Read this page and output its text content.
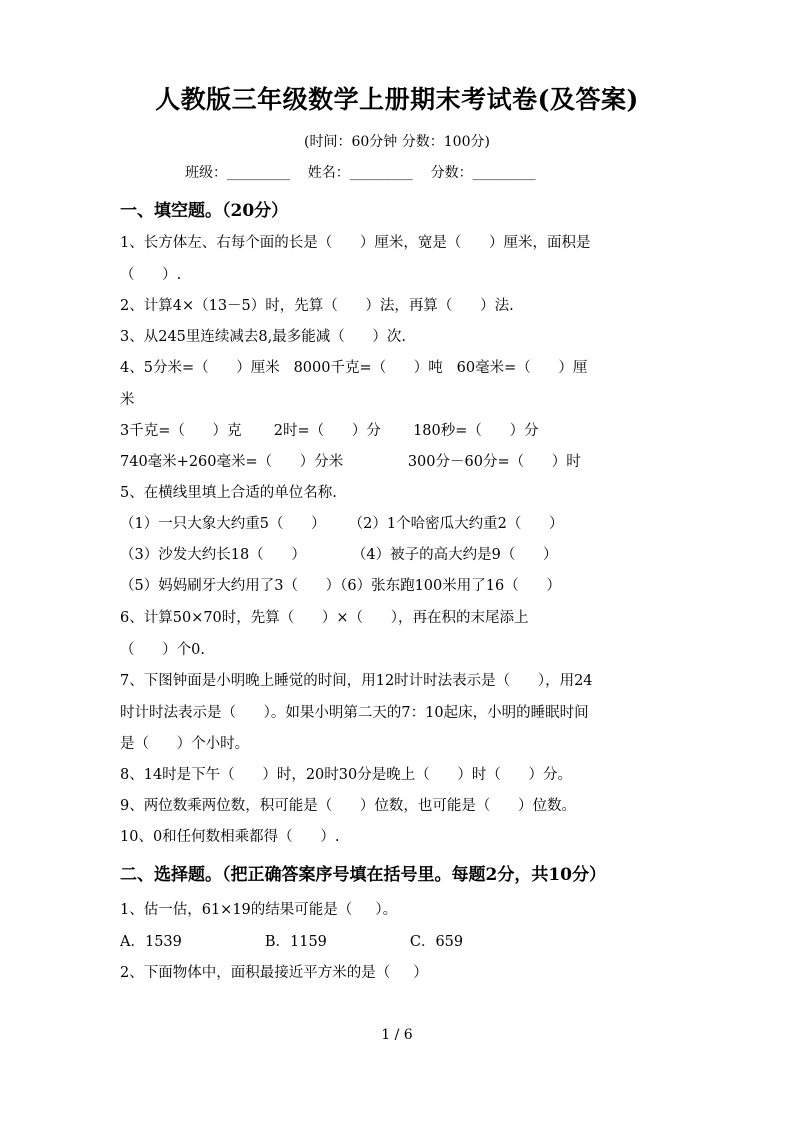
人教版三年级数学上册期末考试卷(及答案)
(时间：60分钟 分数：100分)
班级：_________    姓名：_________    分数：_________
一、填空题。（20分）
1、长方体左、右每个面的长是（      ）厘米，宽是（      ）厘米，面积是
（      ）.
2、计算4×（13－5）时，先算（      ）法，再算（      ）法.
3、从245里连续减去8,最多能减（      ）次.
4、5分米=（      ）厘米   8000千克=（      ）吨   60毫米=（      ）厘
米
3千克=（      ）克       2时=（      ）分       180秒=（      ）分
740毫米+260毫米=（      ）分米              300分－60分=（      ）时
5、在横线里填上合适的单位名称.
（1）一只大象大约重5（      ）     （2）1个哈密瓜大约重2（      ）
（3）沙发大约长18（      ）          （4）被子的高大约是9（      ）
（5）妈妈刷牙大约用了3（      ）（6）张东跑100米用了16（      ）
6、计算50×70时，先算（      ）×（      ），再在积的末尾添上
（      ）个0.
7、下图钟面是小明晚上睡觉的时间，用12时计时法表示是（      ），用24
时计时法表示是（      ）。如果小明第二天的7：10起床，小明的睡眠时间
是（      ）个小时。
8、14时是下午（      ）时，20时30分是晚上（      ）时（      ）分。
9、两位数乘两位数，积可能是（      ）位数，也可能是（      ）位数。
10、0和任何数相乘都得（      ）.
二、选择题。（把正确答案序号填在括号里。每题2分，共10分）
1、估一估，61×19的结果可能是（     ）。
A．1539                  B．1159                  C．659
2、下面物体中，面积最接近平方米的是（     ）
1 / 6
